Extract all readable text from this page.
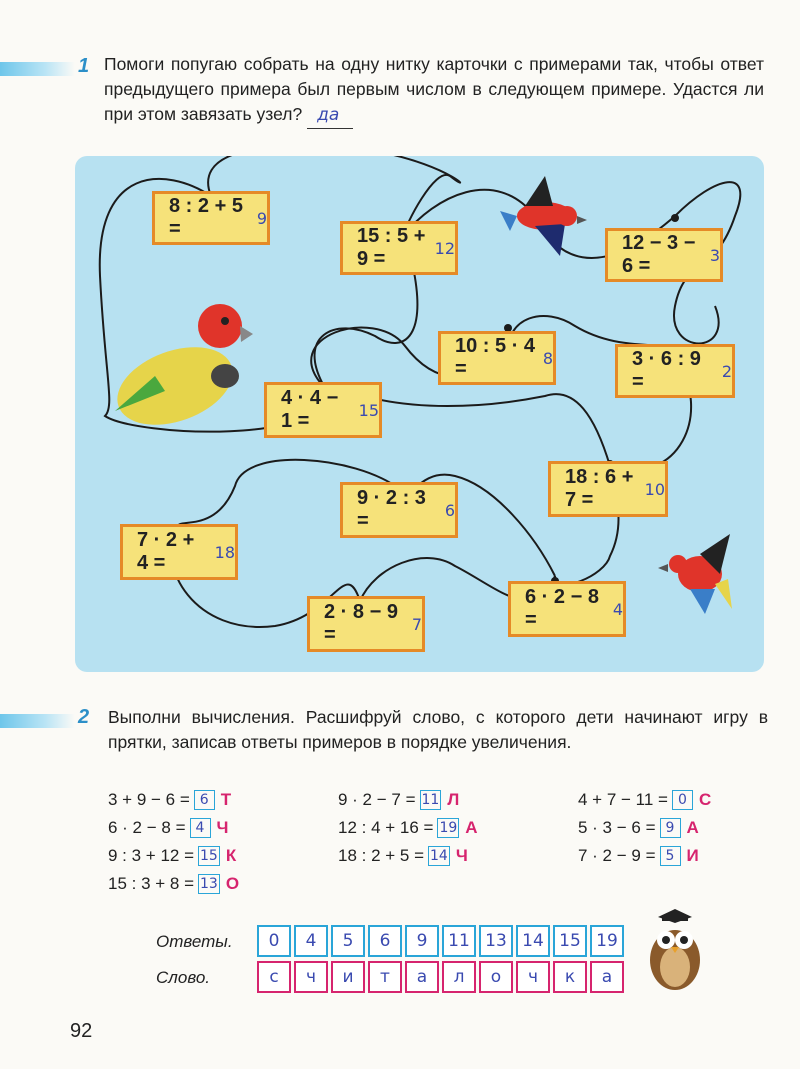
1 Помоги попугаю собрать на одну нитку карточки с примерами так, чтобы ответ предыдущего примера был первым числом в следующем примере. Удастся ли при этом завязать узел? да
8 : 2 + 5 =	9
15 : 5 + 9 =	12	12 − 3 − 6 =	3
10 : 5 · 4 =	8	3 · 6 : 9 =	2
4 · 4 − 1 =	15
18 : 6 + 7 =	10
9 · 2 : 3 =	6
7 · 2 + 4 =	18
2 · 8 − 9 =	7
6 · 2 − 8 =	4
2 Выполни вычисления. Расшифруй слово, с которого дети начинают игру в прятки, записав ответы примеров в порядке увеличения.
3 + 9 − 6 = 6 Т
6 · 2 − 8 = 4 Ч
9 : 3 + 12 = 15 К
15 : 3 + 8 = 13 О
9 · 2 − 7 = 11 Л
12 : 4 + 16 = 19 А
18 : 2 + 5 = 14 Ч
4 + 7 − 11 = 0 С
5 · 3 − 6 = 9 А
7 · 2 − 9 = 5 И
Ответы.	0	4	5	6	9	11 13 14 15 19
Слово.	с	ч	и	т	а	л	о	ч	к	а
92
